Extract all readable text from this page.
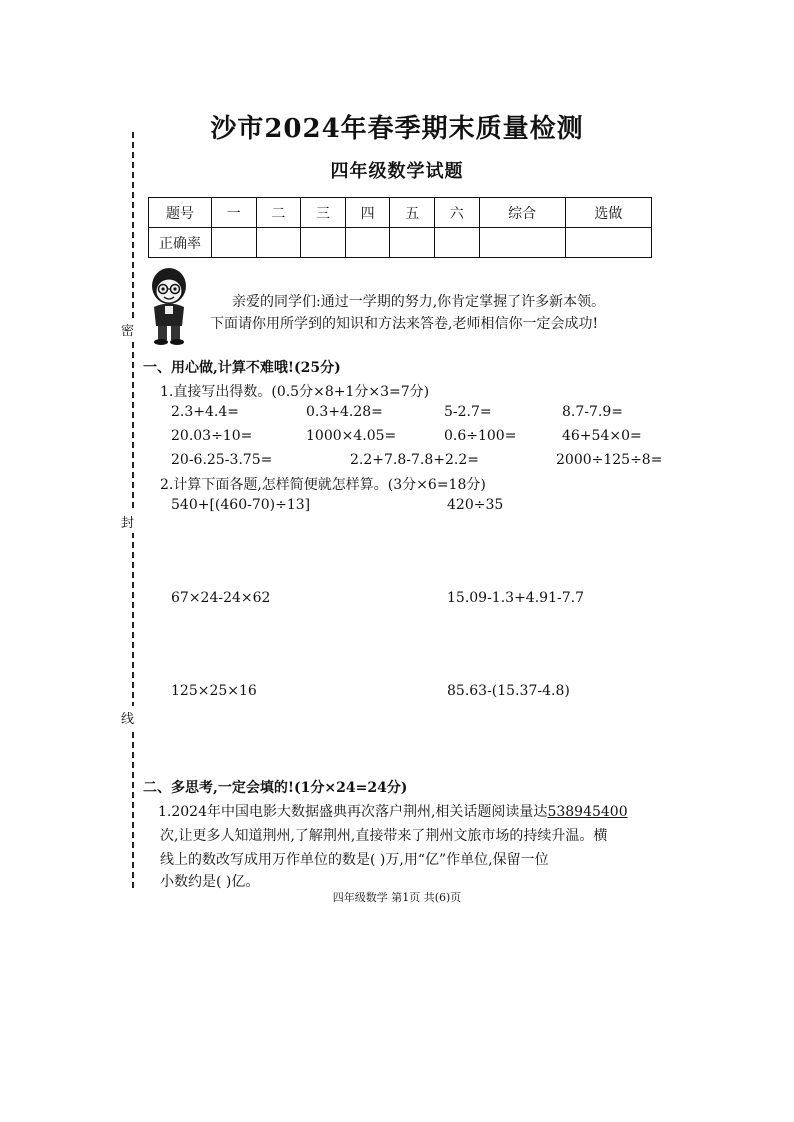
密
封
线
沙市2024年春季期末质量检测
四年级数学试题
题号	一	二	三	四	五	六	综合	选做
正确率								
亲爱的同学们:通过一学期的努力,你肯定掌握了许多新本领。
下面请你用所学到的知识和方法来答卷,老师相信你一定会成功!
一、用心做,计算不难哦!(25分)
1.直接写出得数。(0.5分×8+1分×3=7分)
2.3+4.4=	0.3+4.28=	5-2.7=	8.7-7.9=
20.03÷10=	1000×4.05=	0.6÷100=	46+54×0=
20-6.25-3.75=	2.2+7.8-7.8+2.2=	2000÷125÷8=
2.计算下面各题,怎样简便就怎样算。(3分×6=18分)
540+[(460-70)÷13]	420÷35
67×24-24×62	15.09-1.3+4.91-7.7
125×25×16	85.63-(15.37-4.8)
二、多思考,一定会填的!(1分×24=24分)
1.2024年中国电影大数据盛典再次落户荆州,相关话题阅读量达538945400
次,让更多人知道荆州,了解荆州,直接带来了荆州文旅市场的持续升温。横
线上的数改写成用万作单位的数是( )万,用“亿”作单位,保留一位
小数约是( )亿。
四年级数学 第1页 共(6)页
